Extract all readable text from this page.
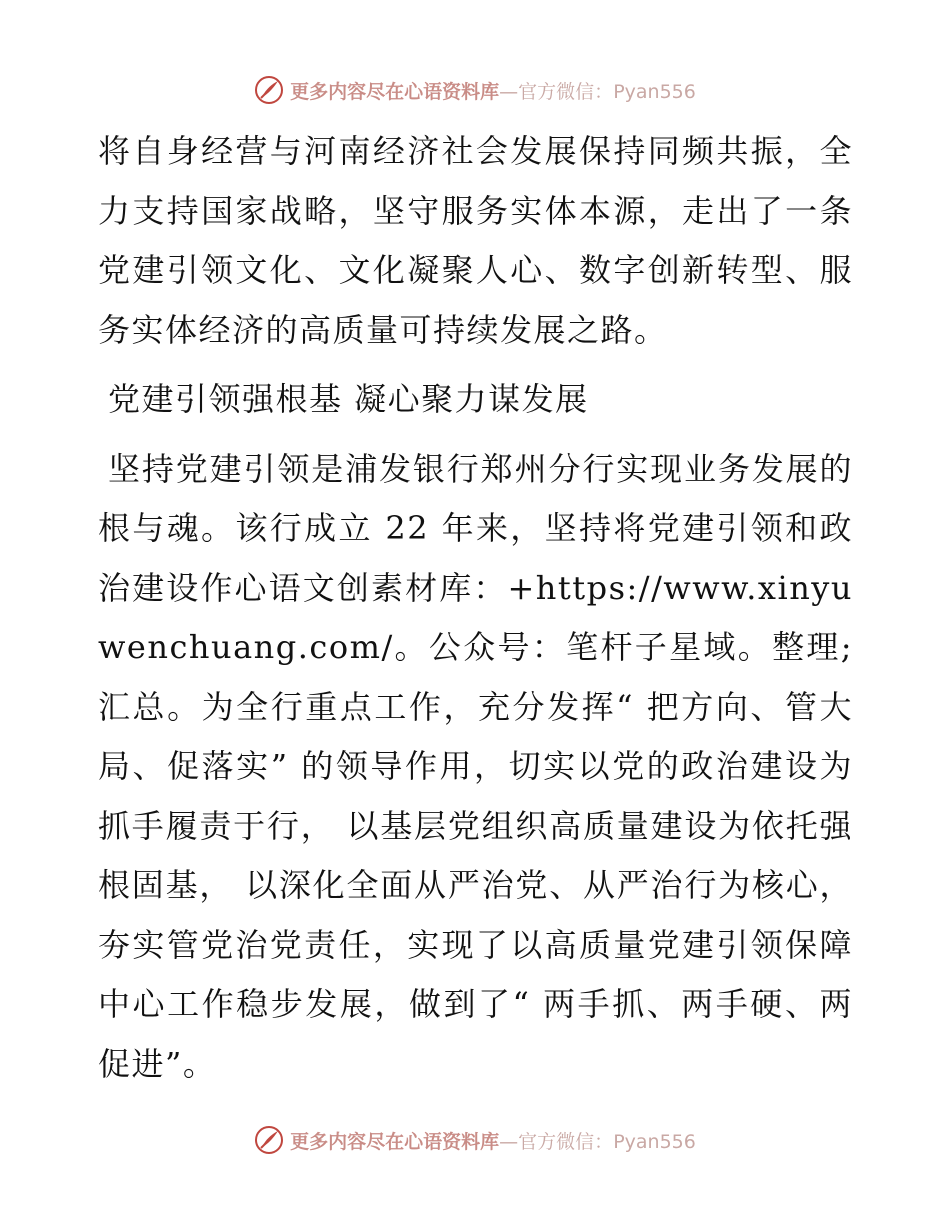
更多内容尽在心语资料库—官方微信：Pyan556

将自身经营与河南经济社会发展保持同频共振，全力支持国家战略，坚守服务实体本源，走出了一条党建引领文化、文化凝聚人心、数字创新转型、服务实体经济的高质量可持续发展之路。

党建引领强根基 凝心聚力谋发展

坚持党建引领是浦发银行郑州分行实现业务发展的根与魂。该行成立 22 年来，坚持将党建引领和政治建设作心语文创素材库：+https://www.xinyuwenchuang.com/。公众号：笔杆子星域。整理;汇总。为全行重点工作，充分发挥“ 把方向、管大局、促落实” 的领导作用，切实以党的政治建设为抓手履责于行， 以基层党组织高质量建设为依托强根固基， 以深化全面从严治党、从严治行为核心，夯实管党治党责任，实现了以高质量党建引领保障中心工作稳步发展，做到了“ 两手抓、两手硬、两促进”。

更多内容尽在心语资料库—官方微信：Pyan556
